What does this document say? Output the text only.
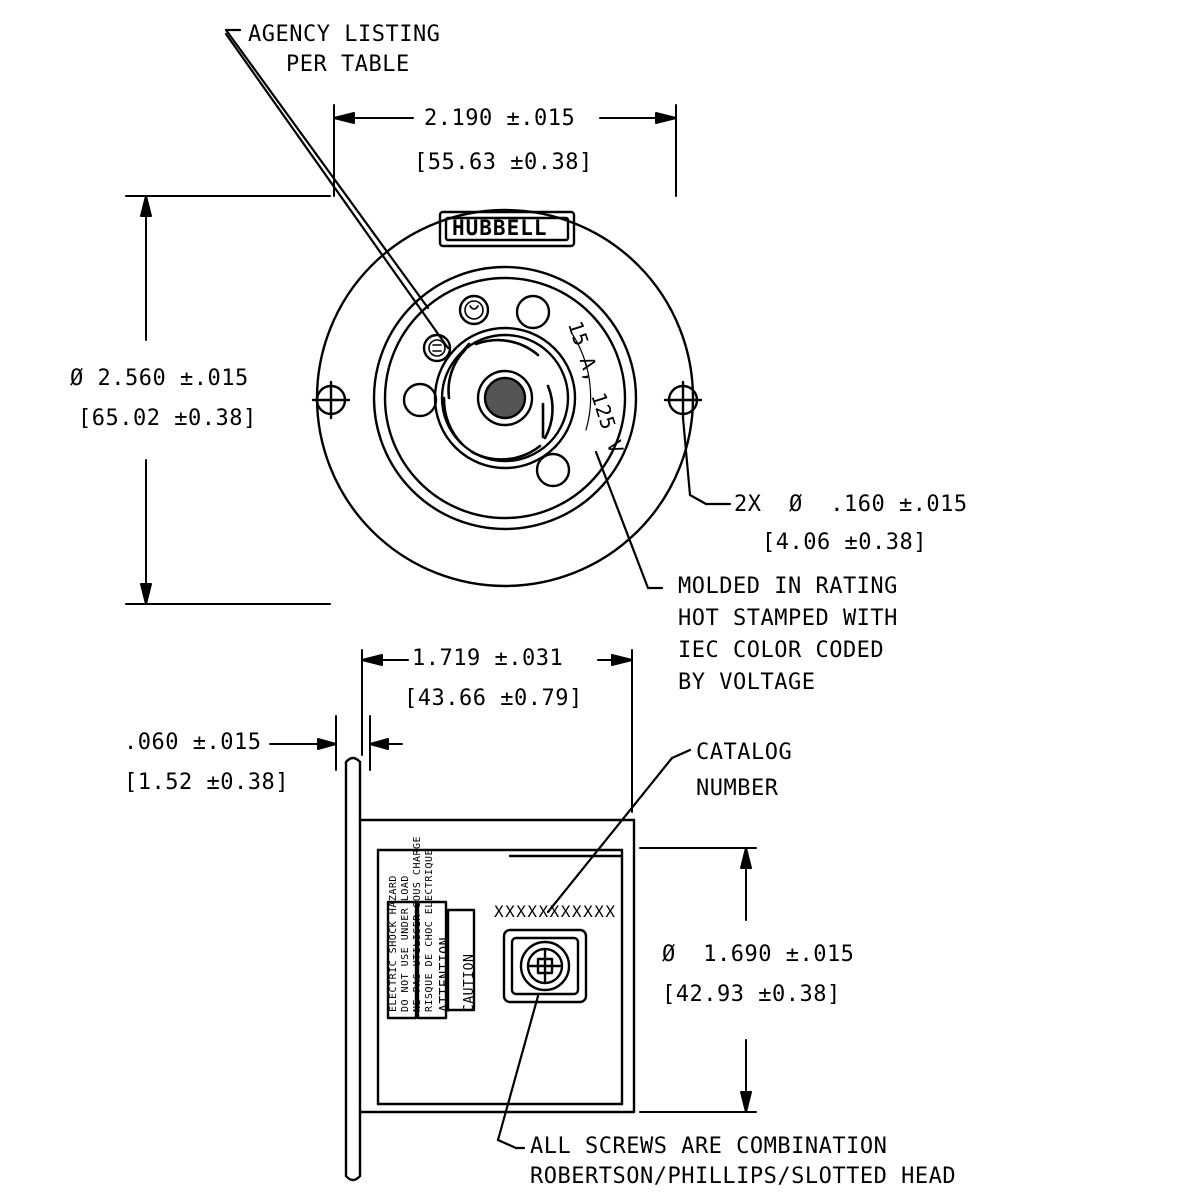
AGENCY LISTING
PER TABLE
2.190 ±.015
[55.63 ±0.38]
Ø 2.560 ±.015
[65.02 ±0.38]
HUBBELL
15 A, 125 V
2X  Ø  .160 ±.015
[4.06 ±0.38]
MOLDED IN RATING
HOT STAMPED WITH
IEC COLOR CODED
BY VOLTAGE
1.719 ±.031
[43.66 ±0.79]
.060 ±.015
[1.52 ±0.38]
CATALOG
NUMBER
XXXXXXXXXXX
CAUTION
ATTENTION
RISQUE DE CHOC ELECTRIQUE
NE PAS UTILISER SOUS CHARGE
DO NOT USE UNDER LOAD
ELECTRIC SHOCK HAZARD	Ø  1.690 ±.015
[42.93 ±0.38]
ALL SCREWS ARE COMBINATION
ROBERTSON/PHILLIPS/SLOTTED HEAD
